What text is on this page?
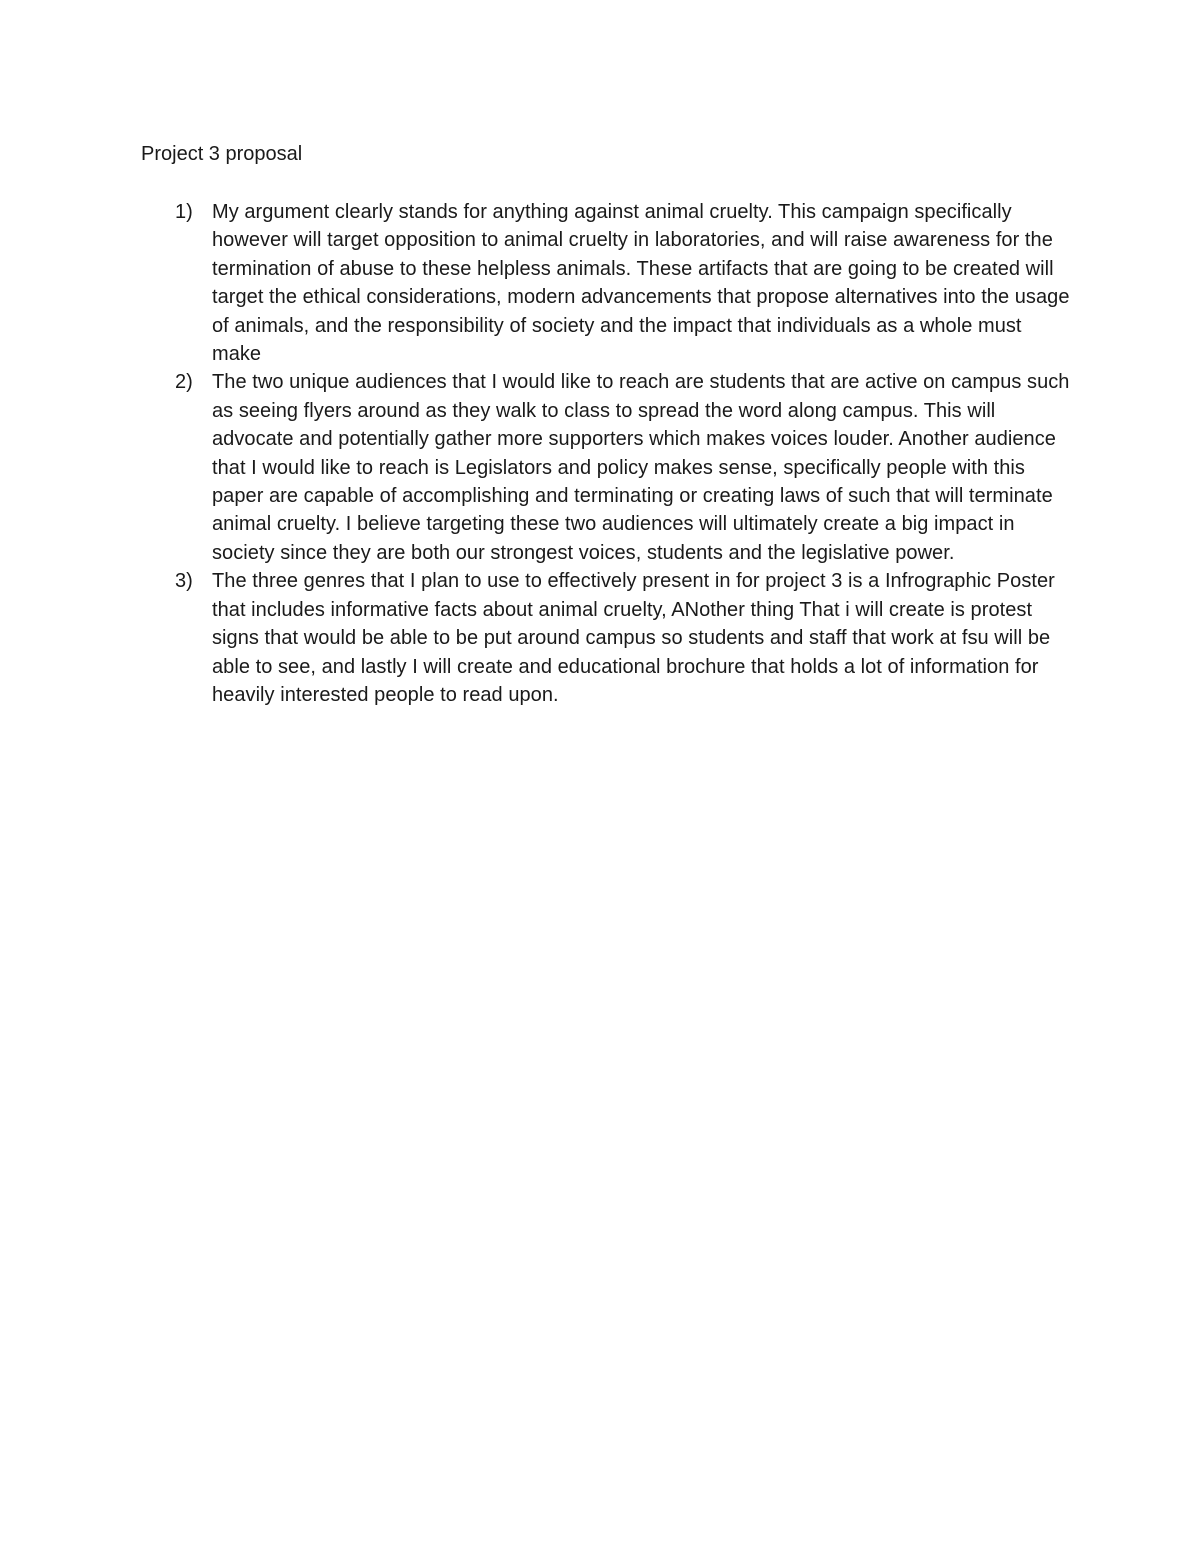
Project 3 proposal
1) My argument clearly stands for anything against animal cruelty. This campaign specifically however will target opposition to animal cruelty in laboratories, and will raise awareness for the termination of abuse to these helpless animals. These artifacts that are going to be created will target the ethical considerations, modern advancements that propose alternatives into the usage of animals, and the responsibility of society and the impact that individuals as a whole must make
2) The two unique audiences that I would like to reach are students that are active on campus such as seeing flyers around as they walk to class to spread the word along campus. This will advocate and potentially gather more supporters which makes voices louder. Another audience that I would like to reach is Legislators and policy makes sense, specifically people with this paper are capable of accomplishing and terminating or creating laws of such that will terminate animal cruelty. I believe targeting these two audiences will ultimately create a big impact in society since they are both our strongest voices, students and the legislative power.
3) The three genres that I plan to use to effectively present in for project 3 is a Infrographic Poster that includes informative facts about animal cruelty, ANother thing That i will create is protest signs that would be able to be put around campus so students and staff that work at fsu will be able to see, and lastly I will create and educational brochure that holds a lot of information for heavily interested people to read upon.
